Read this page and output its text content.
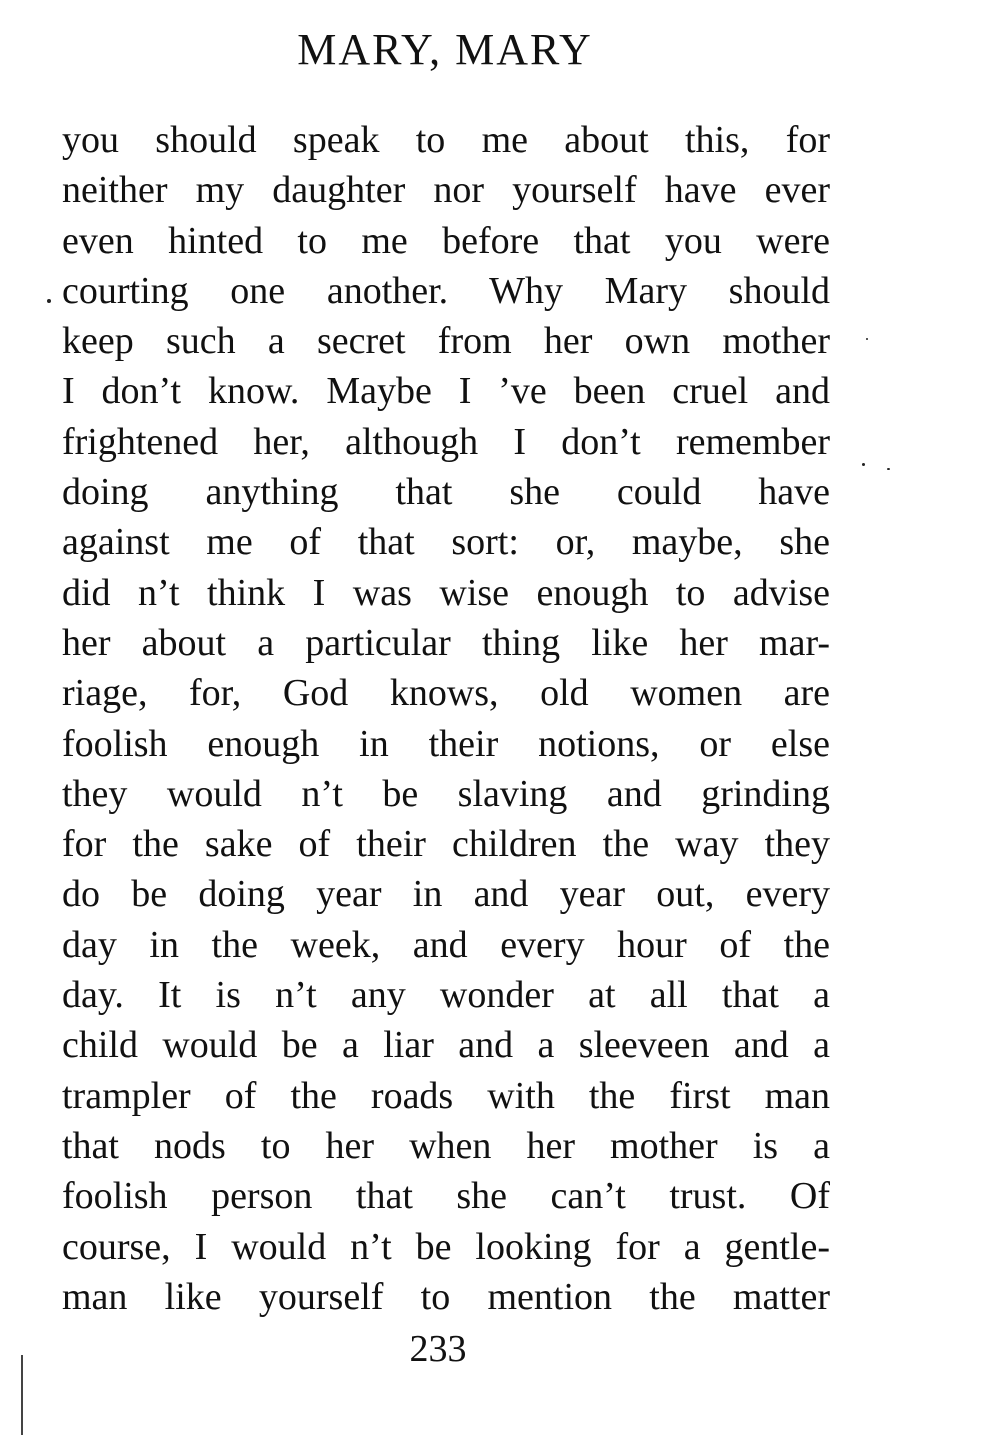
MARY, MARY
you should speak to me about this, for
neither my daughter nor yourself have ever
even hinted to me before that you were
courting one another. Why Mary should
keep such a secret from her own mother
I don’t know. Maybe I ’ve been cruel and
frightened her, although I don’t remember
doing anything that she could have
against me of that sort: or, maybe, she
did n’t think I was wise enough to advise
her about a particular thing like her mar-
riage, for, God knows, old women are
foolish enough in their notions, or else
they would n’t be slaving and grinding
for the sake of their children the way they
do be doing year in and year out, every
day in the week, and every hour of the
day. It is n’t any wonder at all that a
child would be a liar and a sleeveen and a
trampler of the roads with the first man
that nods to her when her mother is a
foolish person that she can’t trust. Of
course, I would n’t be looking for a gentle-
man like yourself to mention the matter
233
